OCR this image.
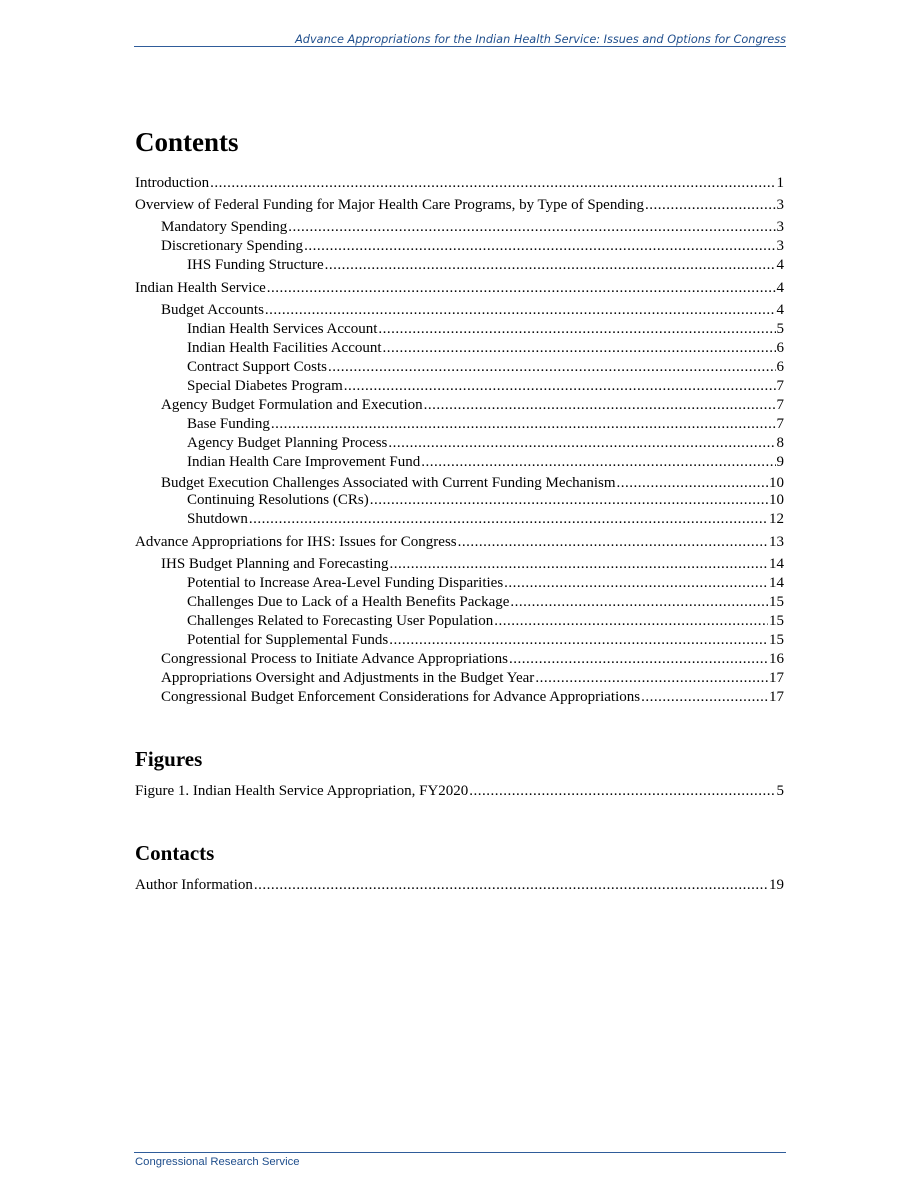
Advance Appropriations for the Indian Health Service: Issues and Options for Congress
Contents
Introduction .....	1
Overview of Federal Funding for Major Health Care Programs, by Type of Spending .....	3
Mandatory Spending .....	3
Discretionary Spending .....	3
IHS Funding Structure .....	4
Indian Health Service .....	4
Budget Accounts .....	4
Indian Health Services Account .....	5
Indian Health Facilities Account .....	6
Contract Support Costs .....	6
Special Diabetes Program .....	7
Agency Budget Formulation and Execution .....	7
Base Funding .....	7
Agency Budget Planning Process .....	8
Indian Health Care Improvement Fund .....	9
Budget Execution Challenges Associated with Current Funding Mechanism .....	10
Continuing Resolutions (CRs) .....	10
Shutdown .....	12
Advance Appropriations for IHS: Issues for Congress .....	13
IHS Budget Planning and Forecasting .....	14
Potential to Increase Area-Level Funding Disparities .....	14
Challenges Due to Lack of a Health Benefits Package .....	15
Challenges Related to Forecasting User Population .....	15
Potential for Supplemental Funds .....	15
Congressional Process to Initiate Advance Appropriations .....	16
Appropriations Oversight and Adjustments in the Budget Year .....	17
Congressional Budget Enforcement Considerations for Advance Appropriations .....	17
Figures
Figure 1. Indian Health Service Appropriation, FY2020 .....	5
Contacts
Author Information .....	19
Congressional Research Service
